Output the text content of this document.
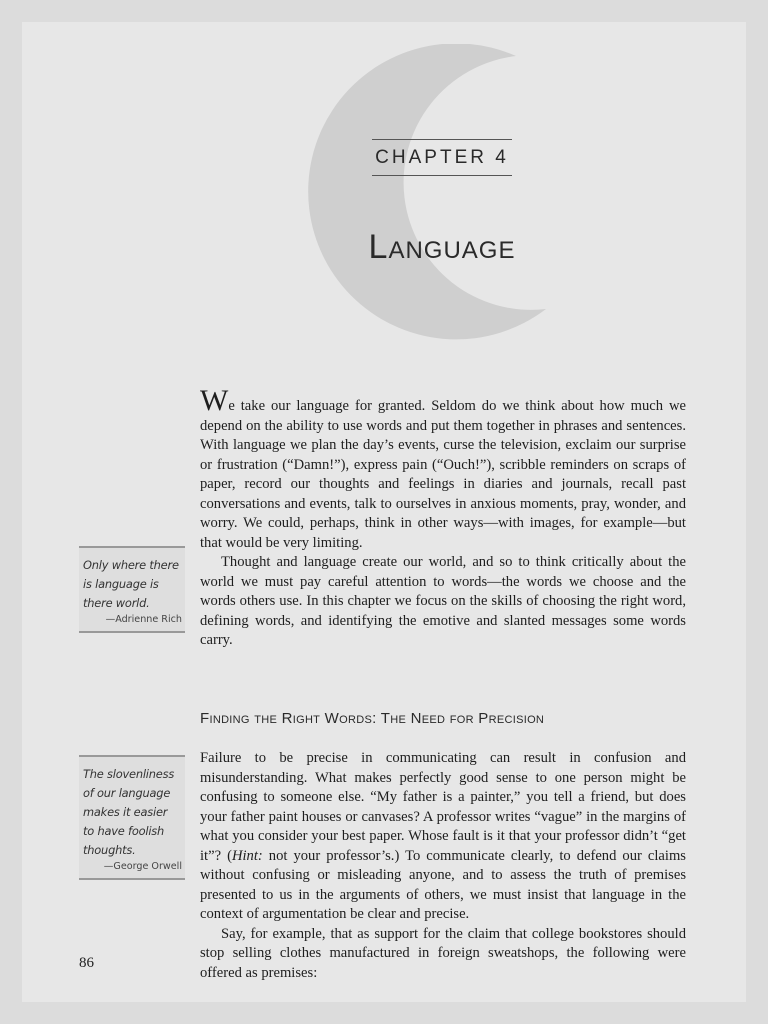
CHAPTER 4
Language

We take our language for granted. Seldom do we think about how much we depend on the ability to use words and put them together in phrases and sentences. With language we plan the day’s events, curse the television, exclaim our surprise or frustration (“Damn!”), express pain (“Ouch!”), scribble reminders on scraps of paper, record our thoughts and feelings in diaries and journals, recall past conversations and events, talk to ourselves in anxious moments, pray, wonder, and worry. We could, perhaps, think in other ways—with images, for example—but that would be very limiting.

Thought and language create our world, and so to think critically about the world we must pay careful attention to words—the words we choose and the words others use. In this chapter we focus on the skills of choosing the right word, defining words, and identifying the emotive and slanted messages some words carry.

Only where there
is language is
there world.
—Adrienne Rich
Finding the Right Words: The Need for Precision

Failure to be precise in communicating can result in confusion and misunderstanding. What makes perfectly good sense to one person might be confusing to someone else. “My father is a painter,” you tell a friend, but does your father paint houses or canvases? A professor writes “vague” in the margins of what you consider your best paper. Whose fault is it that your professor didn’t “get it”? (Hint: not your professor’s.) To communicate clearly, to defend our claims without confusing or misleading anyone, and to assess the truth of premises presented to us in the arguments of others, we must insist that language in the context of argumentation be clear and precise.

Say, for example, that as support for the claim that college bookstores should stop selling clothes manufactured in foreign sweatshops, the following were offered as premises:

The slovenliness
of our language
makes it easier
to have foolish
thoughts.
—George Orwell
86
